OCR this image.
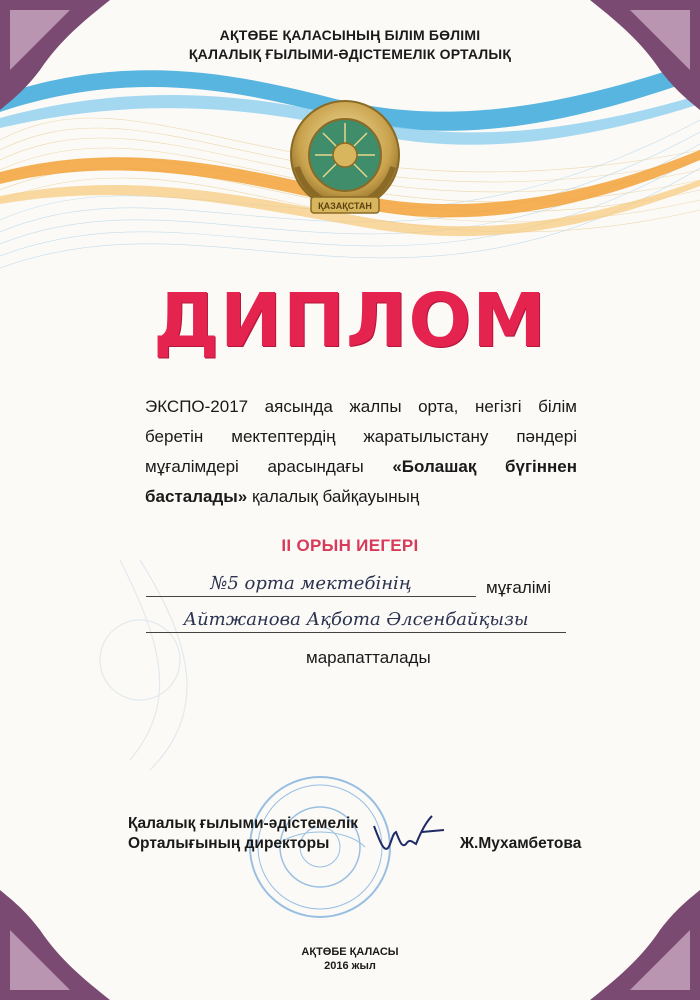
АҚТӨБЕ ҚАЛАСЫНЫҢ БІЛІМ БӨЛІМІ
ҚАЛАЛЫҚ ҒЫЛЫМИ-ӘДІСТЕМЕЛІК ОРТАЛЫҚ
ҚАЗАҚСТАН
ДИПЛОМ
ЭКСПО-2017 аясында жалпы орта, негізгі білім беретін мектептердің жаратылыстану пәндері мұғалімдері арасындағы «Болашақ бүгіннен басталады» қалалық байқауының
ІІ ОРЫН ИЕГЕРІ
№5 орта мектебінің	мұғалімі
Айтжанова Ақбота Әлсенбайқызы
марапатталады
Қалалық ғылыми-әдістемелік
Орталығының директоры	Ж.Мухамбетова
АҚТӨБЕ ҚАЛАСЫ
2016 жыл
